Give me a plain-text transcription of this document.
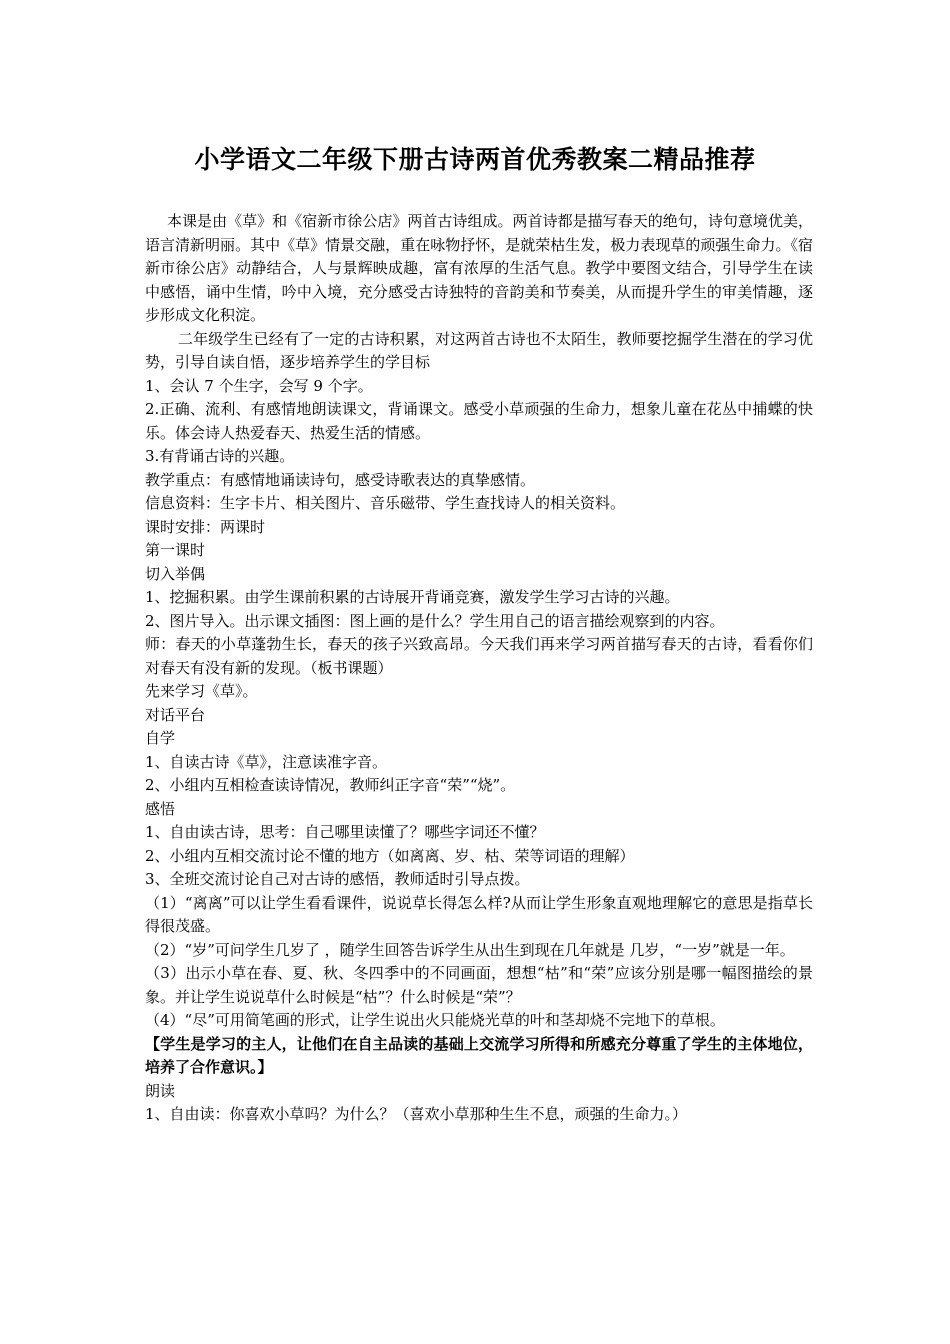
小学语文二年级下册古诗两首优秀教案二精品推荐

本课是由《草》和《宿新市徐公店》两首古诗组成。两首诗都是描写春天的绝句，诗句意境优美，语言清新明丽。其中《草》情景交融，重在咏物抒怀，是就荣枯生发，极力表现草的顽强生命力。《宿新市徐公店》动静结合，人与景辉映成趣，富有浓厚的生活气息。教学中要图文结合，引导学生在读中感悟，诵中生情，吟中入境，充分感受古诗独特的音韵美和节奏美，从而提升学生的审美情趣，逐步形成文化积淀。

二年级学生已经有了一定的古诗积累，对这两首古诗也不太陌生，教师要挖掘学生潜在的学习优势，引导自读自悟，逐步培养学生的学目标

1、会认 7 个生字，会写 9 个字。

2.正确、流利、有感情地朗读课文，背诵课文。感受小草顽强的生命力，想象儿童在花丛中捕蝶的快乐。体会诗人热爱春天、热爱生活的情感。

3.有背诵古诗的兴趣。

教学重点：有感情地诵读诗句，感受诗歌表达的真挚感情。

信息资料：生字卡片、相关图片、音乐磁带、学生查找诗人的相关资料。

课时安排：两课时

第一课时

切入举偶

1、挖掘积累。由学生课前积累的古诗展开背诵竞赛，激发学生学习古诗的兴趣。

2、图片导入。出示课文插图：图上画的是什么？学生用自己的语言描绘观察到的内容。

师：春天的小草蓬勃生长，春天的孩子兴致高昂。今天我们再来学习两首描写春天的古诗，看看你们对春天有没有新的发现。（板书课题）

先来学习《草》。

对话平台

自学

1、自读古诗《草》，注意读准字音。

2、小组内互相检查读诗情况，教师纠正字音“荣”“烧”。

感悟

1、自由读古诗，思考：自己哪里读懂了？哪些字词还不懂？

2、小组内互相交流讨论不懂的地方（如离离、岁、枯、荣等词语的理解）

3、全班交流讨论自己对古诗的感悟，教师适时引导点拨。

（1）“离离”可以让学生看看课件，说说草长得怎么样?从而让学生形象直观地理解它的意思是指草长得很茂盛。

（2）“岁”可问学生几岁了 ，随学生回答告诉学生从出生到现在几年就是 几岁，“一岁”就是一年。

（3）出示小草在春、夏、秋、冬四季中的不同画面，想想“枯”和“荣”应该分别是哪一幅图描绘的景象。并让学生说说草什么时候是“枯”？什么时候是“荣”？

（4）“尽”可用简笔画的形式，让学生说出火只能烧光草的叶和茎却烧不完地下的草根。

【学生是学习的主人，让他们在自主品读的基础上交流学习所得和所感充分尊重了学生的主体地位，培养了合作意识。】

朗读

1、自由读：你喜欢小草吗？为什么？（喜欢小草那种生生不息，顽强的生命力。）
